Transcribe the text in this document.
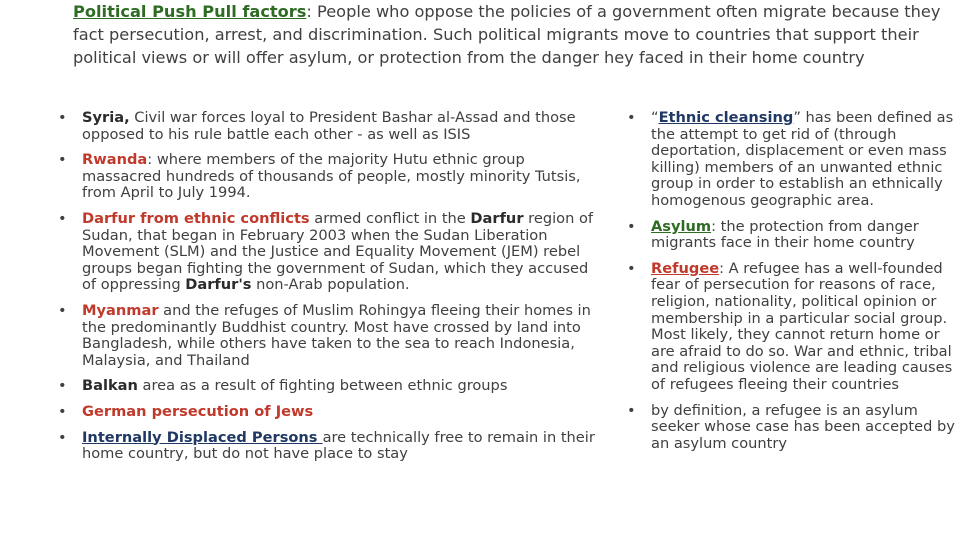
Political Push Pull factors: People who oppose the policies of a government often migrate because they fact persecution, arrest, and discrimination. Such political migrants move to countries that support their political views or will offer asylum, or protection from the danger hey faced in their home country
• Syria, Civil war forces loyal to President Bashar al-Assad and those opposed to his rule battle each other - as well as ISIS
• Rwanda: where members of the majority Hutu ethnic group massacred hundreds of thousands of people, mostly minority Tutsis, from April to July 1994.
• Darfur from ethnic conflicts armed conflict in the Darfur region of Sudan, that began in February 2003 when the Sudan Liberation Movement (SLM) and the Justice and Equality Movement (JEM) rebel groups began fighting the government of Sudan, which they accused of oppressing Darfur's non-Arab population.
• Myanmar and the refuges of Muslim Rohingya fleeing their homes in the predominantly Buddhist country. Most have crossed by land into Bangladesh, while others have taken to the sea to reach Indonesia, Malaysia, and Thailand
• Balkan area as a result of fighting between ethnic groups
• German persecution of Jews
• Internally Displaced Persons are technically free to remain in their home country, but do not have place to stay
• “Ethnic cleansing” has been defined as the attempt to get rid of (through deportation, displacement or even mass killing) members of an unwanted ethnic group in order to establish an ethnically homogenous geographic area.
• Asylum: the protection from danger migrants face in their home country
• Refugee: A refugee has a well-founded fear of persecution for reasons of race, religion, nationality, political opinion or membership in a particular social group. Most likely, they cannot return home or are afraid to do so. War and ethnic, tribal and religious violence are leading causes of refugees fleeing their countries
• by definition, a refugee is an asylum seeker whose case has been accepted by an asylum country
